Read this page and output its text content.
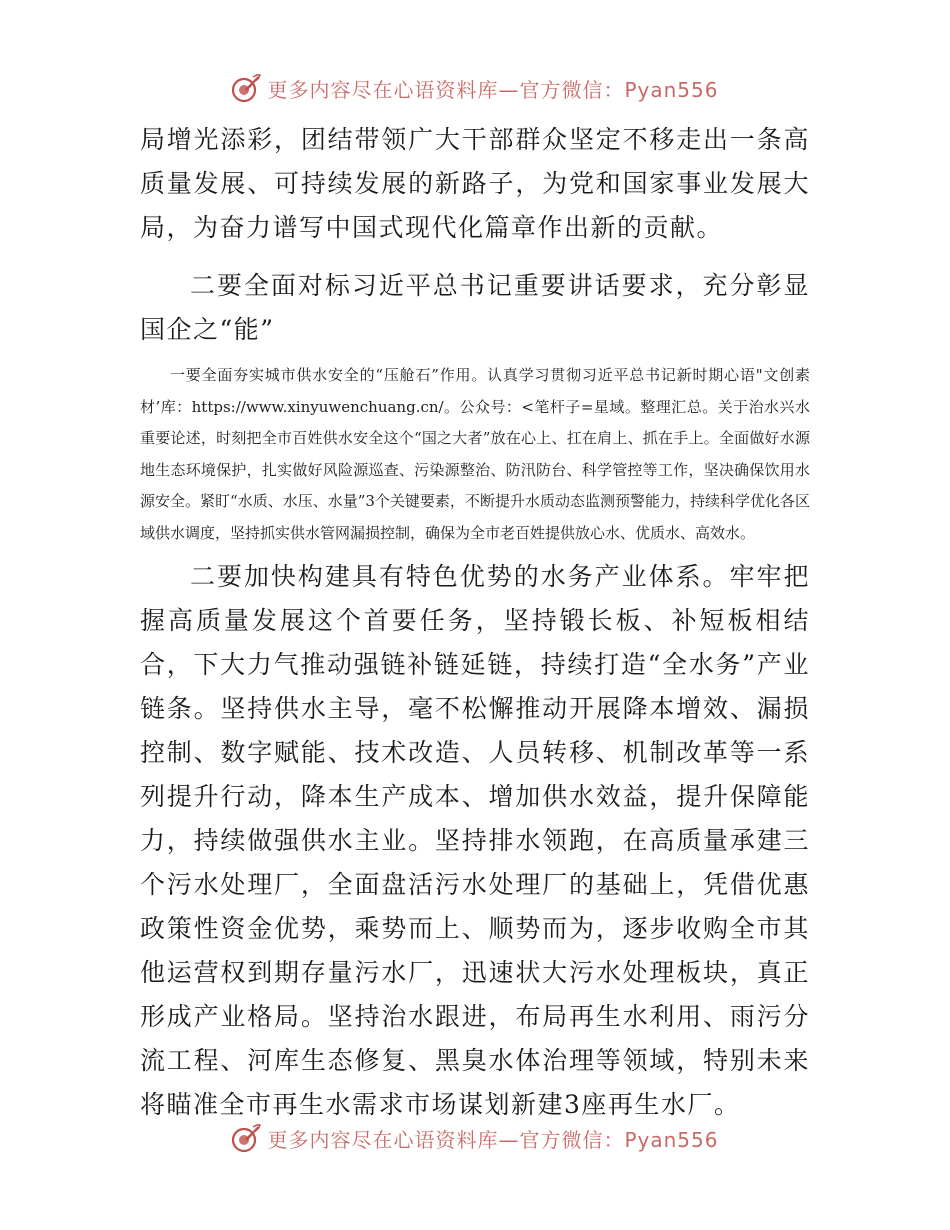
更多内容尽在心语资料库—官方微信：Pyan556

局增光添彩，团结带领广大干部群众坚定不移走出一条高质量发展、可持续发展的新路子，为党和国家事业发展大局，为奋力谱写中国式现代化篇章作出新的贡献。

二要全面对标习近平总书记重要讲话要求，充分彰显国企之“能”

一要全面夯实城市供水安全的“压舱石”作用。认真学习贯彻习近平总书记新时期心语"文创素材’库：https://www.xinyuwenchuang.cn/。公众号：<笔杆子=星域。整理汇总。关于治水兴水重要论述，时刻把全市百姓供水安全这个“国之大者”放在心上、扛在肩上、抓在手上。全面做好水源地生态环境保护，扎实做好风险源巡查、污染源整治、防汛防台、科学管控等工作，坚决确保饮用水源安全。紧盯“水质、水压、水量”3个关键要素，不断提升水质动态监测预警能力，持续科学优化各区域供水调度，坚持抓实供水管网漏损控制，确保为全市老百姓提供放心水、优质水、高效水。

二要加快构建具有特色优势的水务产业体系。牢牢把握高质量发展这个首要任务，坚持锻长板、补短板相结合，下大力气推动强链补链延链，持续打造“全水务”产业链条。坚持供水主导，毫不松懈推动开展降本增效、漏损控制、数字赋能、技术改造、人员转移、机制改革等一系列提升行动，降本生产成本、增加供水效益，提升保障能力，持续做强供水主业。坚持排水领跑，在高质量承建三个污水处理厂，全面盘活污水处理厂的基础上，凭借优惠政策性资金优势，乘势而上、顺势而为，逐步收购全市其他运营权到期存量污水厂，迅速状大污水处理板块，真正形成产业格局。坚持治水跟进，布局再生水利用、雨污分流工程、河库生态修复、黑臭水体治理等领域，特别未来将瞄准全市再生水需求市场谋划新建3座再生水厂。

更多内容尽在心语资料库—官方微信：Pyan556
